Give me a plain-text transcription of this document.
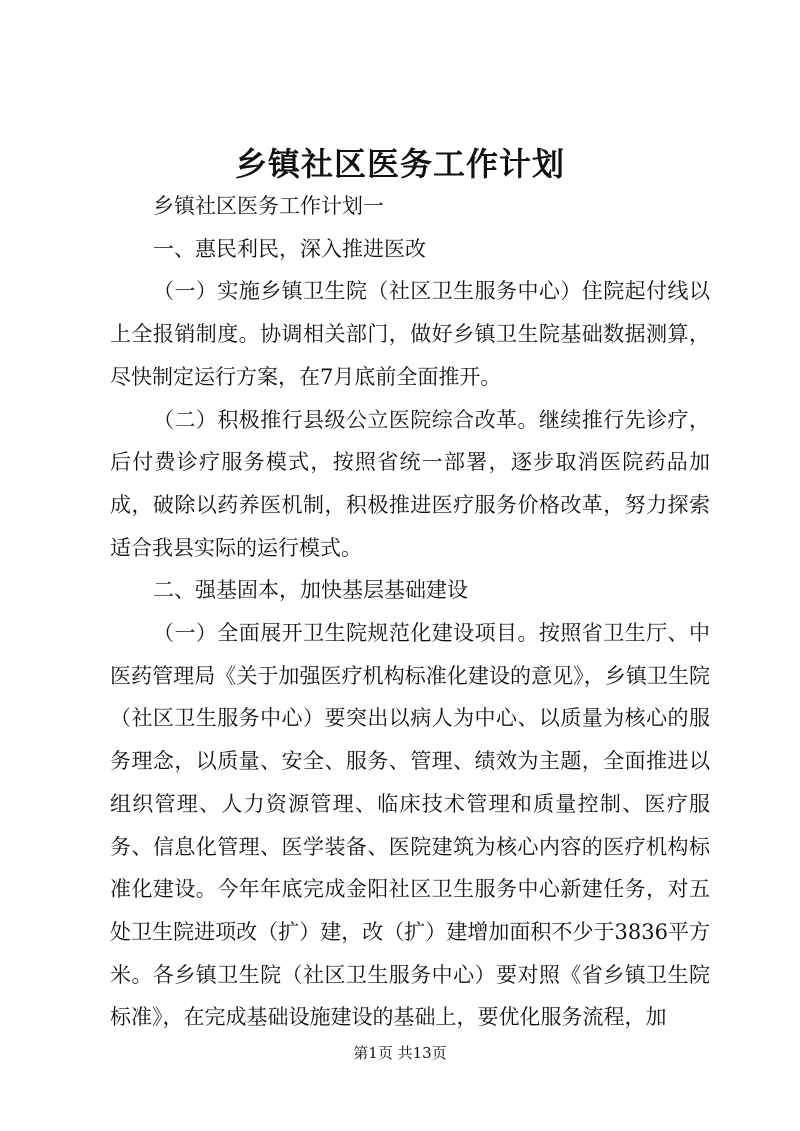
乡镇社区医务工作计划

乡镇社区医务工作计划一

一、惠民利民，深入推进医改

（一）实施乡镇卫生院（社区卫生服务中心）住院起付线以上全报销制度。协调相关部门，做好乡镇卫生院基础数据测算，尽快制定运行方案，在7月底前全面推开。

（二）积极推行县级公立医院综合改革。继续推行先诊疗，后付费诊疗服务模式，按照省统一部署，逐步取消医院药品加成，破除以药养医机制，积极推进医疗服务价格改革，努力探索适合我县实际的运行模式。

二、强基固本，加快基层基础建设

（一）全面展开卫生院规范化建设项目。按照省卫生厅、中医药管理局《关于加强医疗机构标准化建设的意见》，乡镇卫生院（社区卫生服务中心）要突出以病人为中心、以质量为核心的服务理念，以质量、安全、服务、管理、绩效为主题，全面推进以组织管理、人力资源管理、临床技术管理和质量控制、医疗服务、信息化管理、医学装备、医院建筑为核心内容的医疗机构标准化建设。今年年底完成金阳社区卫生服务中心新建任务，对五处卫生院进项改（扩）建，改（扩）建增加面积不少于3836平方米。各乡镇卫生院（社区卫生服务中心）要对照《省乡镇卫生院标准》，在完成基础设施建设的基础上，要优化服务流程，加

第1页 共13页
